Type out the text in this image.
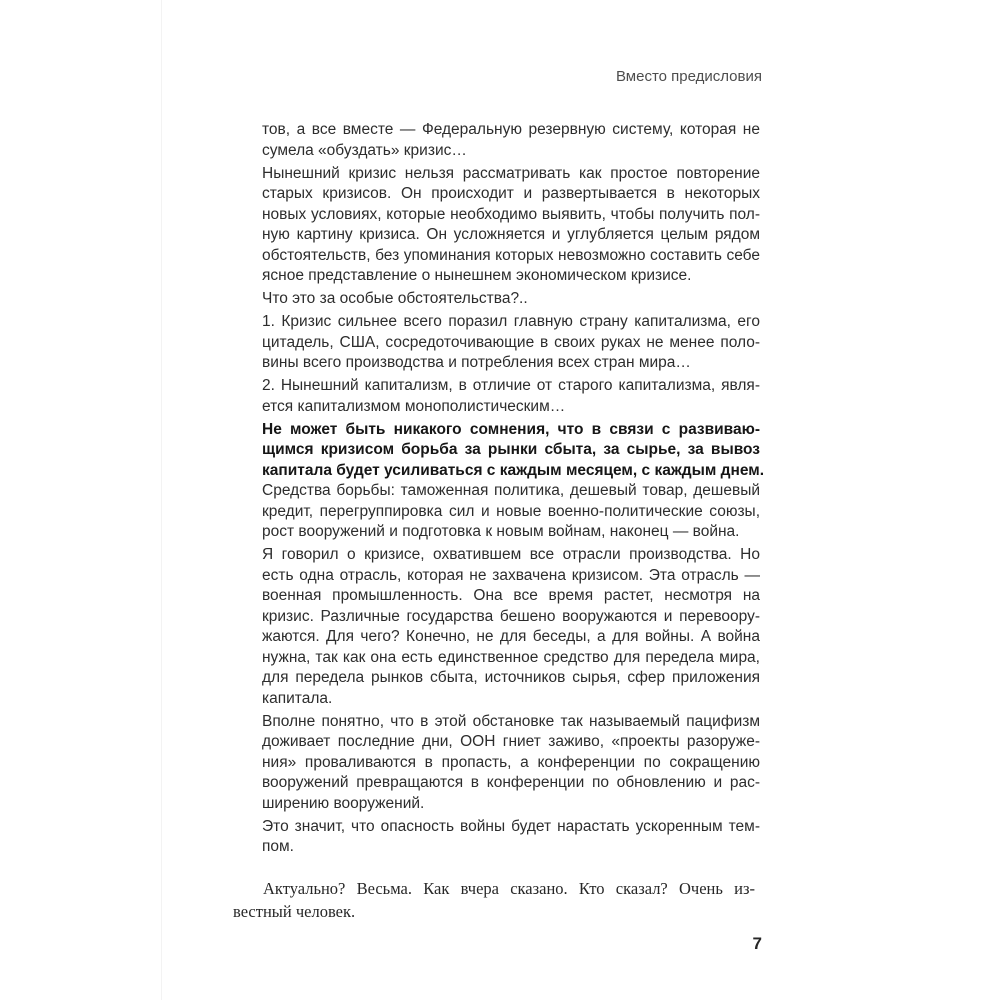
Вместо предисловия
тов, а все вместе — Федеральную резервную систему, которая не
сумела «обуздать» кризис…
Нынешний кризис нельзя рассматривать как простое повторение
старых кризисов. Он происходит и развертывается в некоторых
новых условиях, которые необходимо выявить, чтобы получить пол-
ную картину кризиса. Он усложняется и углубляется целым рядом
обстоятельств, без упоминания которых невозможно составить себе
ясное представление о нынешнем экономическом кризисе.
Что это за особые обстоятельства?..
1. Кризис сильнее всего поразил главную страну капитализма, его
цитадель, США, сосредоточивающие в своих руках не менее поло-
вины всего производства и потребления всех стран мира…
2. Нынешний капитализм, в отличие от старого капитализма, явля-
ется капитализмом монополистическим…
Не может быть никакого сомнения, что в связи с развиваю-
щимся кризисом борьба за рынки сбыта, за сырье, за вывоз
капитала будет усиливаться с каждым месяцем, с каждым днем.
Средства борьбы: таможенная политика, дешевый товар, дешевый
кредит, перегруппировка сил и новые военно-политические союзы,
рост вооружений и подготовка к новым войнам, наконец — война.
Я говорил о кризисе, охватившем все отрасли производства. Но
есть одна отрасль, которая не захвачена кризисом. Эта отрасль —
военная промышленность. Она все время растет, несмотря на
кризис. Различные государства бешено вооружаются и перевоору-
жаются. Для чего? Конечно, не для беседы, а для войны. А война
нужна, так как она есть единственное средство для передела мира,
для передела рынков сбыта, источников сырья, сфер приложения
капитала.
Вполне понятно, что в этой обстановке так называемый пацифизм
доживает последние дни, ООН гниет заживо, «проекты разоруже-
ния» проваливаются в пропасть, а конференции по сокращению
вооружений превращаются в конференции по обновлению и рас-
ширению вооружений.
Это значит, что опасность войны будет нарастать ускоренным тем-
пом.
Актуально? Весьма. Как вчера сказано. Кто сказал? Очень из-
вестный человек.
7
